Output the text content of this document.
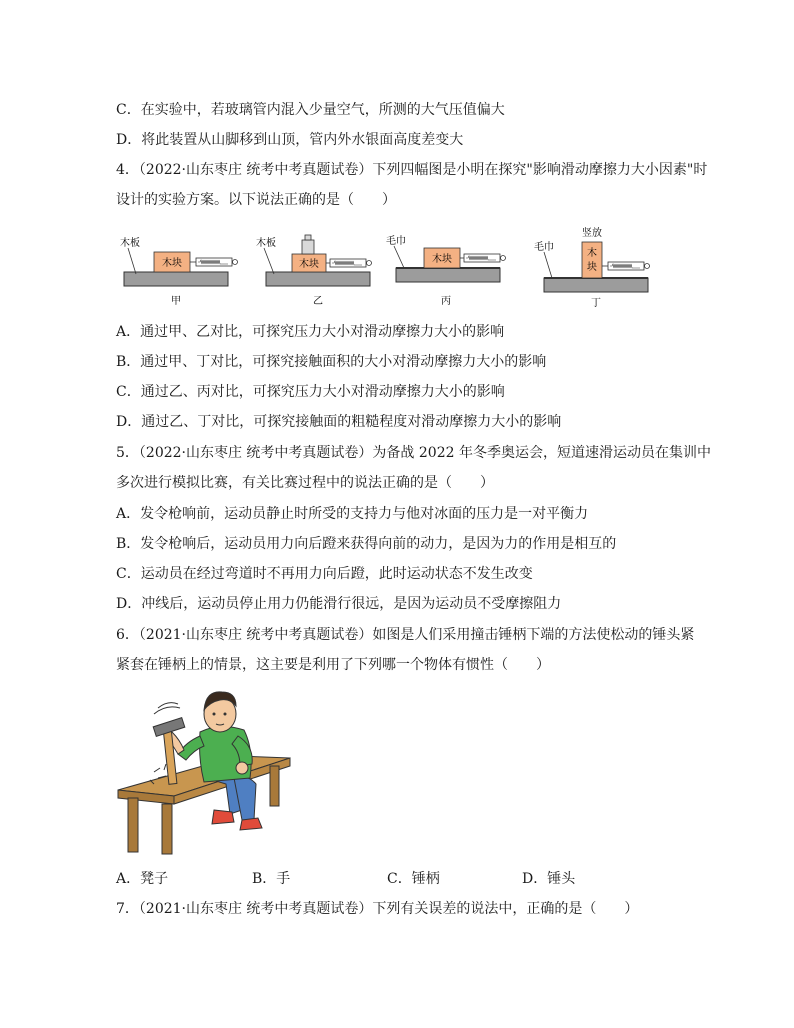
C．在实验中，若玻璃管内混入少量空气，所测的大气压值偏大
D．将此装置从山脚移到山顶，管内外水银面高度差变大
4．（2022·山东枣庄 统考中考真题试卷）下列四幅图是小明在探究"影响滑动摩擦力大小因素"时
设计的实验方案。以下说法正确的是（　　）
木板
木块
甲
木板
木块
乙
毛巾
木块
丙
毛巾
竖放
木
块
丁
A．通过甲、乙对比，可探究压力大小对滑动摩擦力大小的影响
B．通过甲、丁对比，可探究接触面积的大小对滑动摩擦力大小的影响
C．通过乙、丙对比，可探究压力大小对滑动摩擦力大小的影响
D．通过乙、丁对比，可探究接触面的粗糙程度对滑动摩擦力大小的影响
5．（2022·山东枣庄 统考中考真题试卷）为备战 2022 年冬季奥运会，短道速滑运动员在集训中
多次进行模拟比赛，有关比赛过程中的说法正确的是（　　）
A．发令枪响前，运动员静止时所受的支持力与他对冰面的压力是一对平衡力
B．发令枪响后，运动员用力向后蹬来获得向前的动力，是因为力的作用是相互的
C．运动员在经过弯道时不再用力向后蹬，此时运动状态不发生改变
D．冲线后，运动员停止用力仍能滑行很远，是因为运动员不受摩擦阻力
6．（2021·山东枣庄 统考中考真题试卷）如图是人们采用撞击锤柄下端的方法使松动的锤头紧
紧套在锤柄上的情景，这主要是利用了下列哪一个物体有惯性（　　）
A．凳子	B．手	C．锤柄	D．锤头
7．（2021·山东枣庄 统考中考真题试卷）下列有关误差的说法中，正确的是（　　）
